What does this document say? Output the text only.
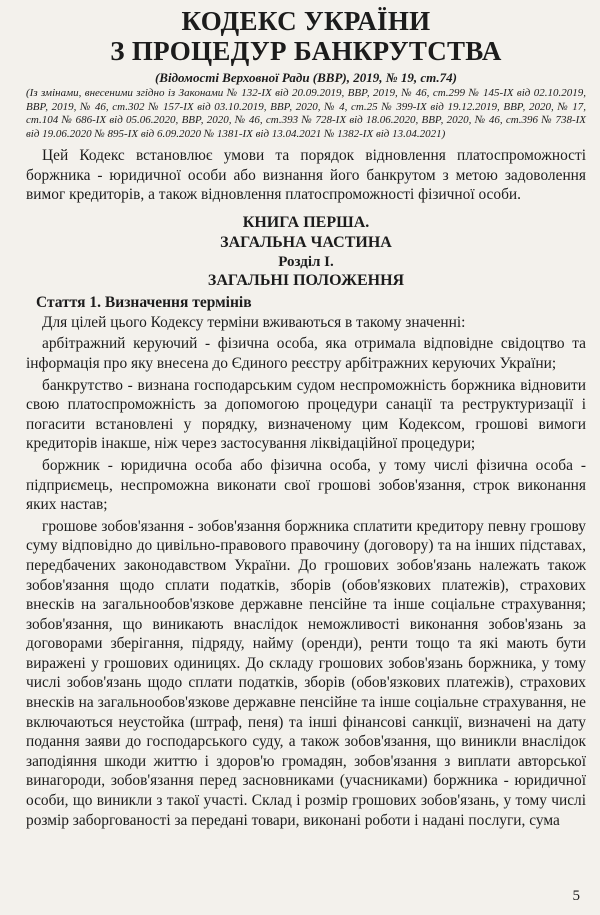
КОДЕКС УКРАЇНИ
З ПРОЦЕДУР БАНКРУТСТВА
(Відомості Верховної Ради (ВВР), 2019, № 19, ст.74)

(Із змінами, внесеними згідно із Законами № 132-IX від 20.09.2019, ВВР, 2019, № 46, ст.299 № 145-IX від 02.10.2019, ВВР, 2019, № 46, ст.302 № 157-IX від 03.10.2019, ВВР, 2020, № 4, ст.25 № 399-IX від 19.12.2019, ВВР, 2020, № 17, ст.104 № 686-IX від 05.06.2020, ВВР, 2020, № 46, ст.393 № 728-IX від 18.06.2020, ВВР, 2020, № 46, ст.396 № 738-IX від 19.06.2020 № 895-IX від 6.09.2020 № 1381-IX від 13.04.2021 № 1382-IX від 13.04.2021)

Цей Кодекс встановлює умови та порядок відновлення платоспроможності боржника - юридичної особи або визнання його банкрутом з метою задоволення вимог кредиторів, а також відновлення платоспроможності фізичної особи.

КНИГА ПЕРША.

ЗАГАЛЬНА ЧАСТИНА

Розділ I.

ЗАГАЛЬНІ ПОЛОЖЕННЯ

Стаття 1. Визначення термінів

Для цілей цього Кодексу терміни вживаються в такому значенні:

арбітражний керуючий - фізична особа, яка отримала відповідне свідоцтво та інформація про яку внесена до Єдиного реєстру арбітражних керуючих України;

банкрутство - визнана господарським судом неспроможність боржника відновити свою платоспроможність за допомогою процедури санації та реструктуризації і погасити встановлені у порядку, визначеному цим Кодексом, грошові вимоги кредиторів інакше, ніж через застосування ліквідаційної процедури;

боржник - юридична особа або фізична особа, у тому числі фізична особа - підприємець, неспроможна виконати свої грошові зобов'язання, строк виконання яких настав;

грошове зобов'язання - зобов'язання боржника сплатити кредитору певну грошову суму відповідно до цивільно-правового правочину (договору) та на інших підставах, передбачених законодавством України. До грошових зобов'язань належать також зобов'язання щодо сплати податків, зборів (обов'язкових платежів), страхових внесків на загальнообов'язкове державне пенсійне та інше соціальне страхування; зобов'язання, що виникають внаслідок неможливості виконання зобов'язань за договорами зберігання, підряду, найму (оренди), ренти тощо та які мають бути виражені у грошових одиницях. До складу грошових зобов'язань боржника, у тому числі зобов'язань щодо сплати податків, зборів (обов'язкових платежів), страхових внесків на загальнообов'язкове державне пенсійне та інше соціальне страхування, не включаються неустойка (штраф, пеня) та інші фінансові санкції, визначені на дату подання заяви до господарського суду, а також зобов'язання, що виникли внаслідок заподіяння шкоди життю і здоров'ю громадян, зобов'язання з виплати авторської винагороди, зобов'язання перед засновниками (учасниками) боржника - юридичної особи, що виникли з такої участі. Склад і розмір грошових зобов'язань, у тому числі розмір заборгованості за передані товари, виконані роботи і надані послуги, сума

5
